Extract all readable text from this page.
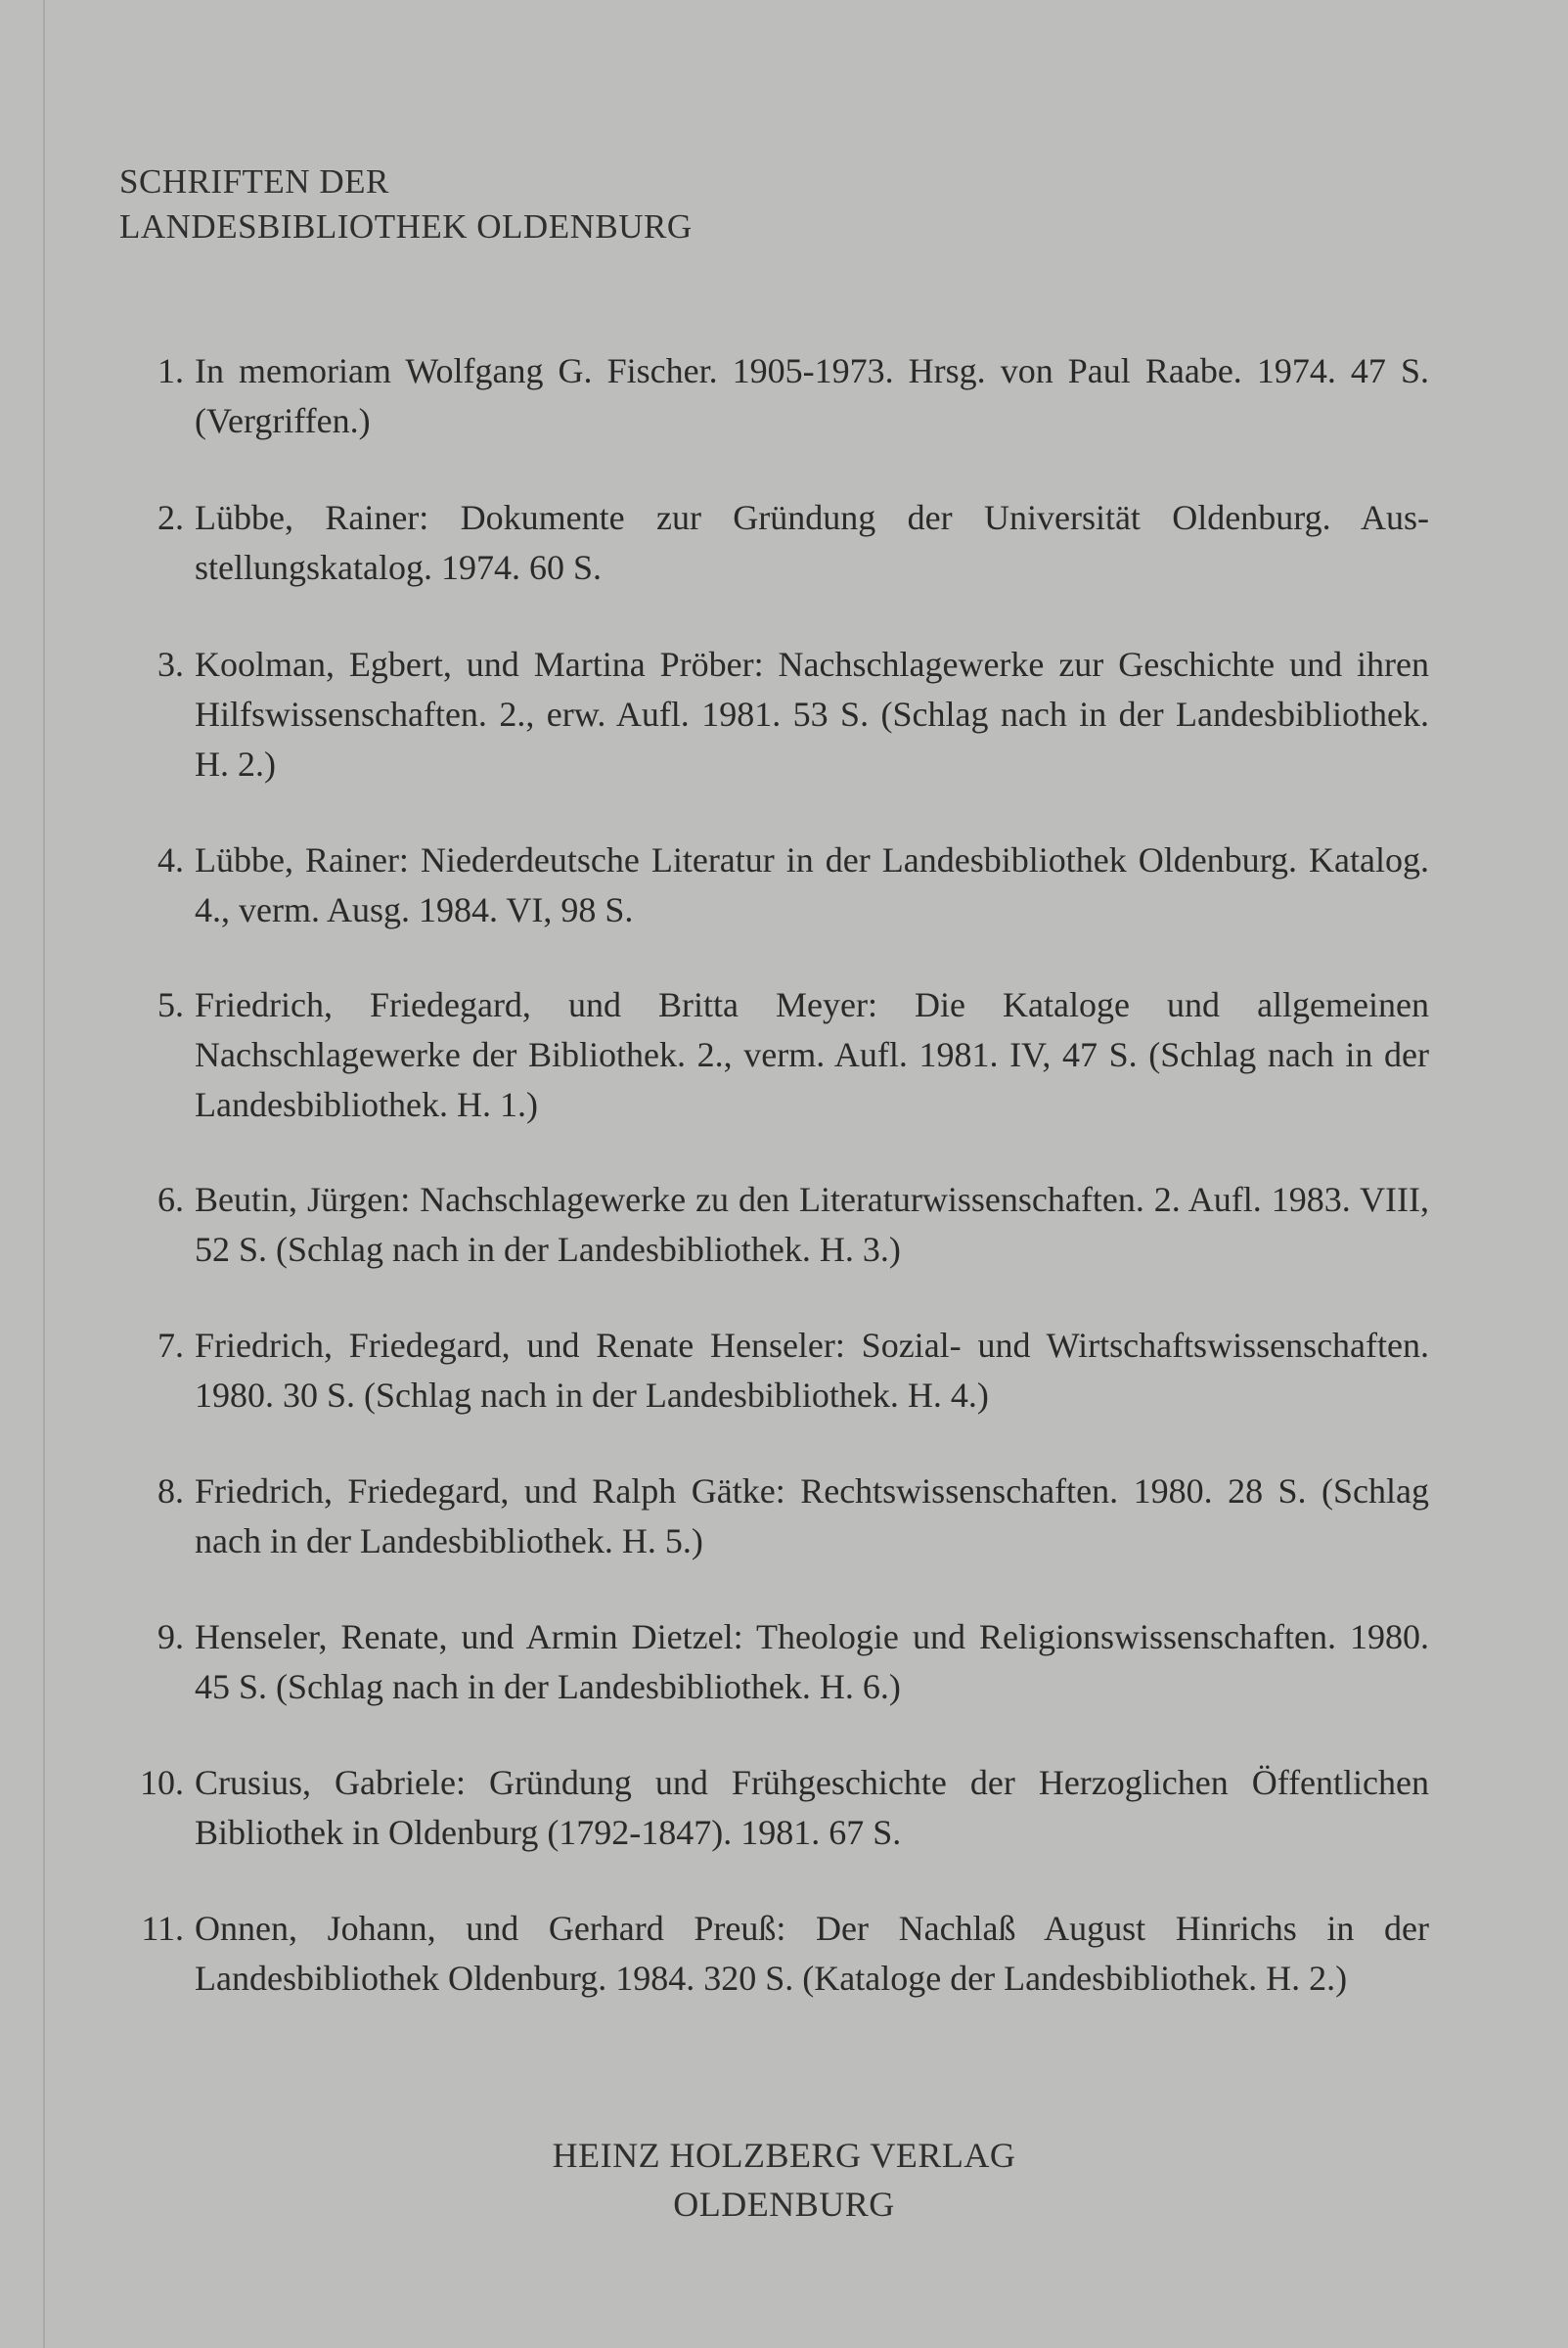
SCHRIFTEN DER
LANDESBIBLIOTHEK OLDENBURG
1. In memoriam Wolfgang G. Fischer. 1905-1973. Hrsg. von Paul Raabe. 1974. 47 S. (Vergriffen.)
2. Lübbe, Rainer: Dokumente zur Gründung der Universität Oldenburg. Ausstellungskatalog. 1974. 60 S.
3. Koolman, Egbert, und Martina Pröber: Nachschlagewerke zur Geschichte und ihren Hilfswissenschaften. 2., erw. Aufl. 1981. 53 S. (Schlag nach in der Landesbibliothek. H. 2.)
4. Lübbe, Rainer: Niederdeutsche Literatur in der Landesbibliothek Oldenburg. Katalog. 4., verm. Ausg. 1984. VI, 98 S.
5. Friedrich, Friedegard, und Britta Meyer: Die Kataloge und allgemeinen Nachschlagewerke der Bibliothek. 2., verm. Aufl. 1981. IV, 47 S. (Schlag nach in der Landesbibliothek. H. 1.)
6. Beutin, Jürgen: Nachschlagewerke zu den Literaturwissenschaften. 2. Aufl. 1983. VIII, 52 S. (Schlag nach in der Landesbibliothek. H. 3.)
7. Friedrich, Friedegard, und Renate Henseler: Sozial- und Wirtschaftswissenschaften. 1980. 30 S. (Schlag nach in der Landesbibliothek. H. 4.)
8. Friedrich, Friedegard, und Ralph Gätke: Rechtswissenschaften. 1980. 28 S. (Schlag nach in der Landesbibliothek. H. 5.)
9. Henseler, Renate, und Armin Dietzel: Theologie und Religionswissenschaften. 1980. 45 S. (Schlag nach in der Landesbibliothek. H. 6.)
10. Crusius, Gabriele: Gründung und Frühgeschichte der Herzoglichen Öffentlichen Bibliothek in Oldenburg (1792-1847). 1981. 67 S.
11. Onnen, Johann, und Gerhard Preuß: Der Nachlaß August Hinrichs in der Landesbibliothek Oldenburg. 1984. 320 S. (Kataloge der Landesbibliothek. H. 2.)
HEINZ HOLZBERG VERLAG
OLDENBURG
